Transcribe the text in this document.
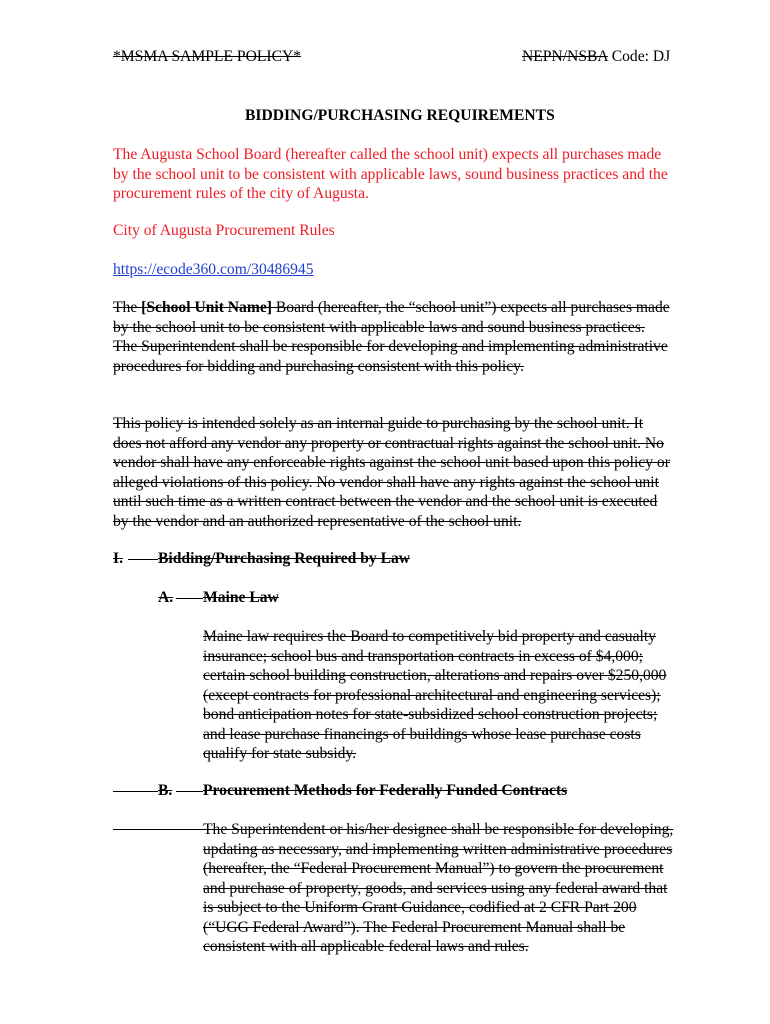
*MSMA SAMPLE POLICY*	NEPN/NSBA Code: DJ
BIDDING/PURCHASING REQUIREMENTS
The Augusta School Board (hereafter called the school unit) expects all purchases made
by the school unit to be consistent with applicable laws, sound business practices and the
procurement rules of the city of Augusta.
City of Augusta Procurement Rules
https://ecode360.com/30486945
The [School Unit Name] Board (hereafter, the “school unit”) expects all purchases made
by the school unit to be consistent with applicable laws and sound business practices.
The Superintendent shall be responsible for developing and implementing administrative
procedures for bidding and purchasing consistent with this policy.
This policy is intended solely as an internal guide to purchasing by the school unit. It
does not afford any vendor any property or contractual rights against the school unit. No
vendor shall have any enforceable rights against the school unit based upon this policy or
alleged violations of this policy. No vendor shall have any rights against the school unit
until such time as a written contract between the vendor and the school unit is executed
by the vendor and an authorized representative of the school unit.
I. Bidding/Purchasing Required by Law
A. Maine Law
Maine law requires the Board to competitively bid property and casualty
insurance; school bus and transportation contracts in excess of $4,000;
certain school building construction, alterations and repairs over $250,000
(except contracts for professional architectural and engineering services);
bond anticipation notes for state-subsidized school construction projects;
and lease purchase financings of buildings whose lease purchase costs
qualify for state subsidy.
B. Procurement Methods for Federally Funded Contracts
The Superintendent or his/her designee shall be responsible for developing,
updating as necessary, and implementing written administrative procedures
(hereafter, the “Federal Procurement Manual”) to govern the procurement
and purchase of property, goods, and services using any federal award that
is subject to the Uniform Grant Guidance, codified at 2 CFR Part 200
(“UGG Federal Award”). The Federal Procurement Manual shall be
consistent with all applicable federal laws and rules.
